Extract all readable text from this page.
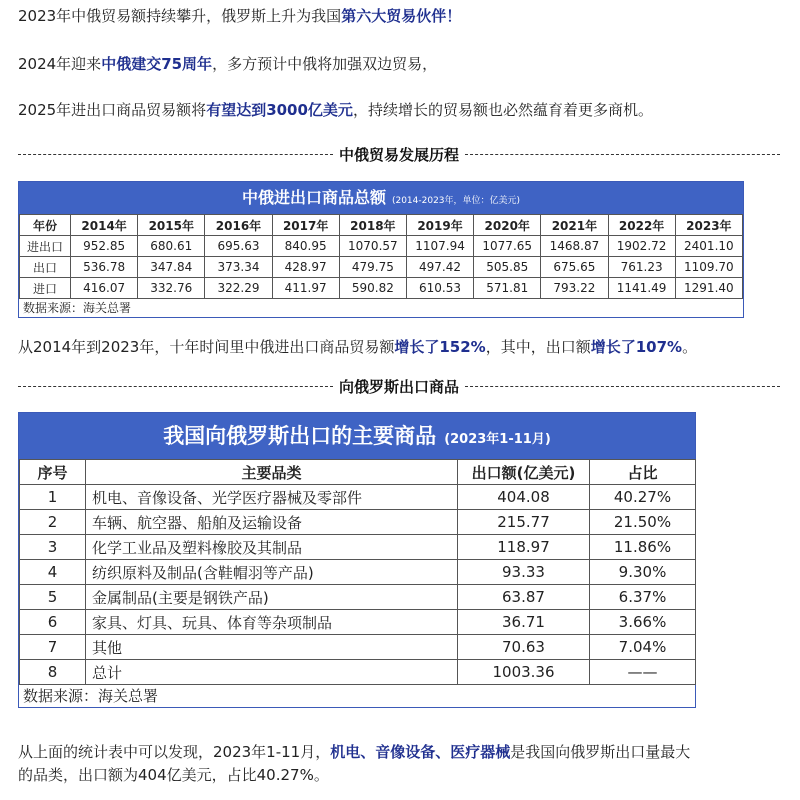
2023年中俄贸易额持续攀升，俄罗斯上升为我国第六大贸易伙伴！
2024年迎来中俄建交75周年，多方预计中俄将加强双边贸易，
2025年进出口商品贸易额将有望达到3000亿美元，持续增长的贸易额也必然蕴育着更多商机。
中俄贸易发展历程
中俄进出口商品总额 (2014-2023年，单位：亿美元)
年份	2014年	2015年	2016年	2017年	2018年	2019年	2020年	2021年	2022年	2023年
进出口	952.85	680.61	695.63	840.95	1070.57	1107.94	1077.65	1468.87	1902.72	2401.10
出口	536.78	347.84	373.34	428.97	479.75	497.42	505.85	675.65	761.23	1109.70
进口	416.07	332.76	322.29	411.97	590.82	610.53	571.81	793.22	1141.49	1291.40
数据来源：海关总署
从2014年到2023年，十年时间里中俄进出口商品贸易额增长了152%，其中，出口额增长了107%。
向俄罗斯出口商品
我国向俄罗斯出口的主要商品 (2023年1-11月)
序号	主要品类	出口额(亿美元)	占比
1	机电、音像设备、光学医疗器械及零部件	404.08	40.27%
2	车辆、航空器、船舶及运输设备	215.77	21.50%
3	化学工业品及塑料橡胶及其制品	118.97	11.86%
4	纺织原料及制品(含鞋帽羽等产品)	93.33	9.30%
5	金属制品(主要是钢铁产品)	63.87	6.37%
6	家具、灯具、玩具、体育等杂项制品	36.71	3.66%
7	其他	70.63	7.04%
8	总计	1003.36	——
数据来源：海关总署
从上面的统计表中可以发现，2023年1-11月，机电、音像设备、医疗器械是我国向俄罗斯出口量最大
的品类，出口额为404亿美元，占比40.27%。
